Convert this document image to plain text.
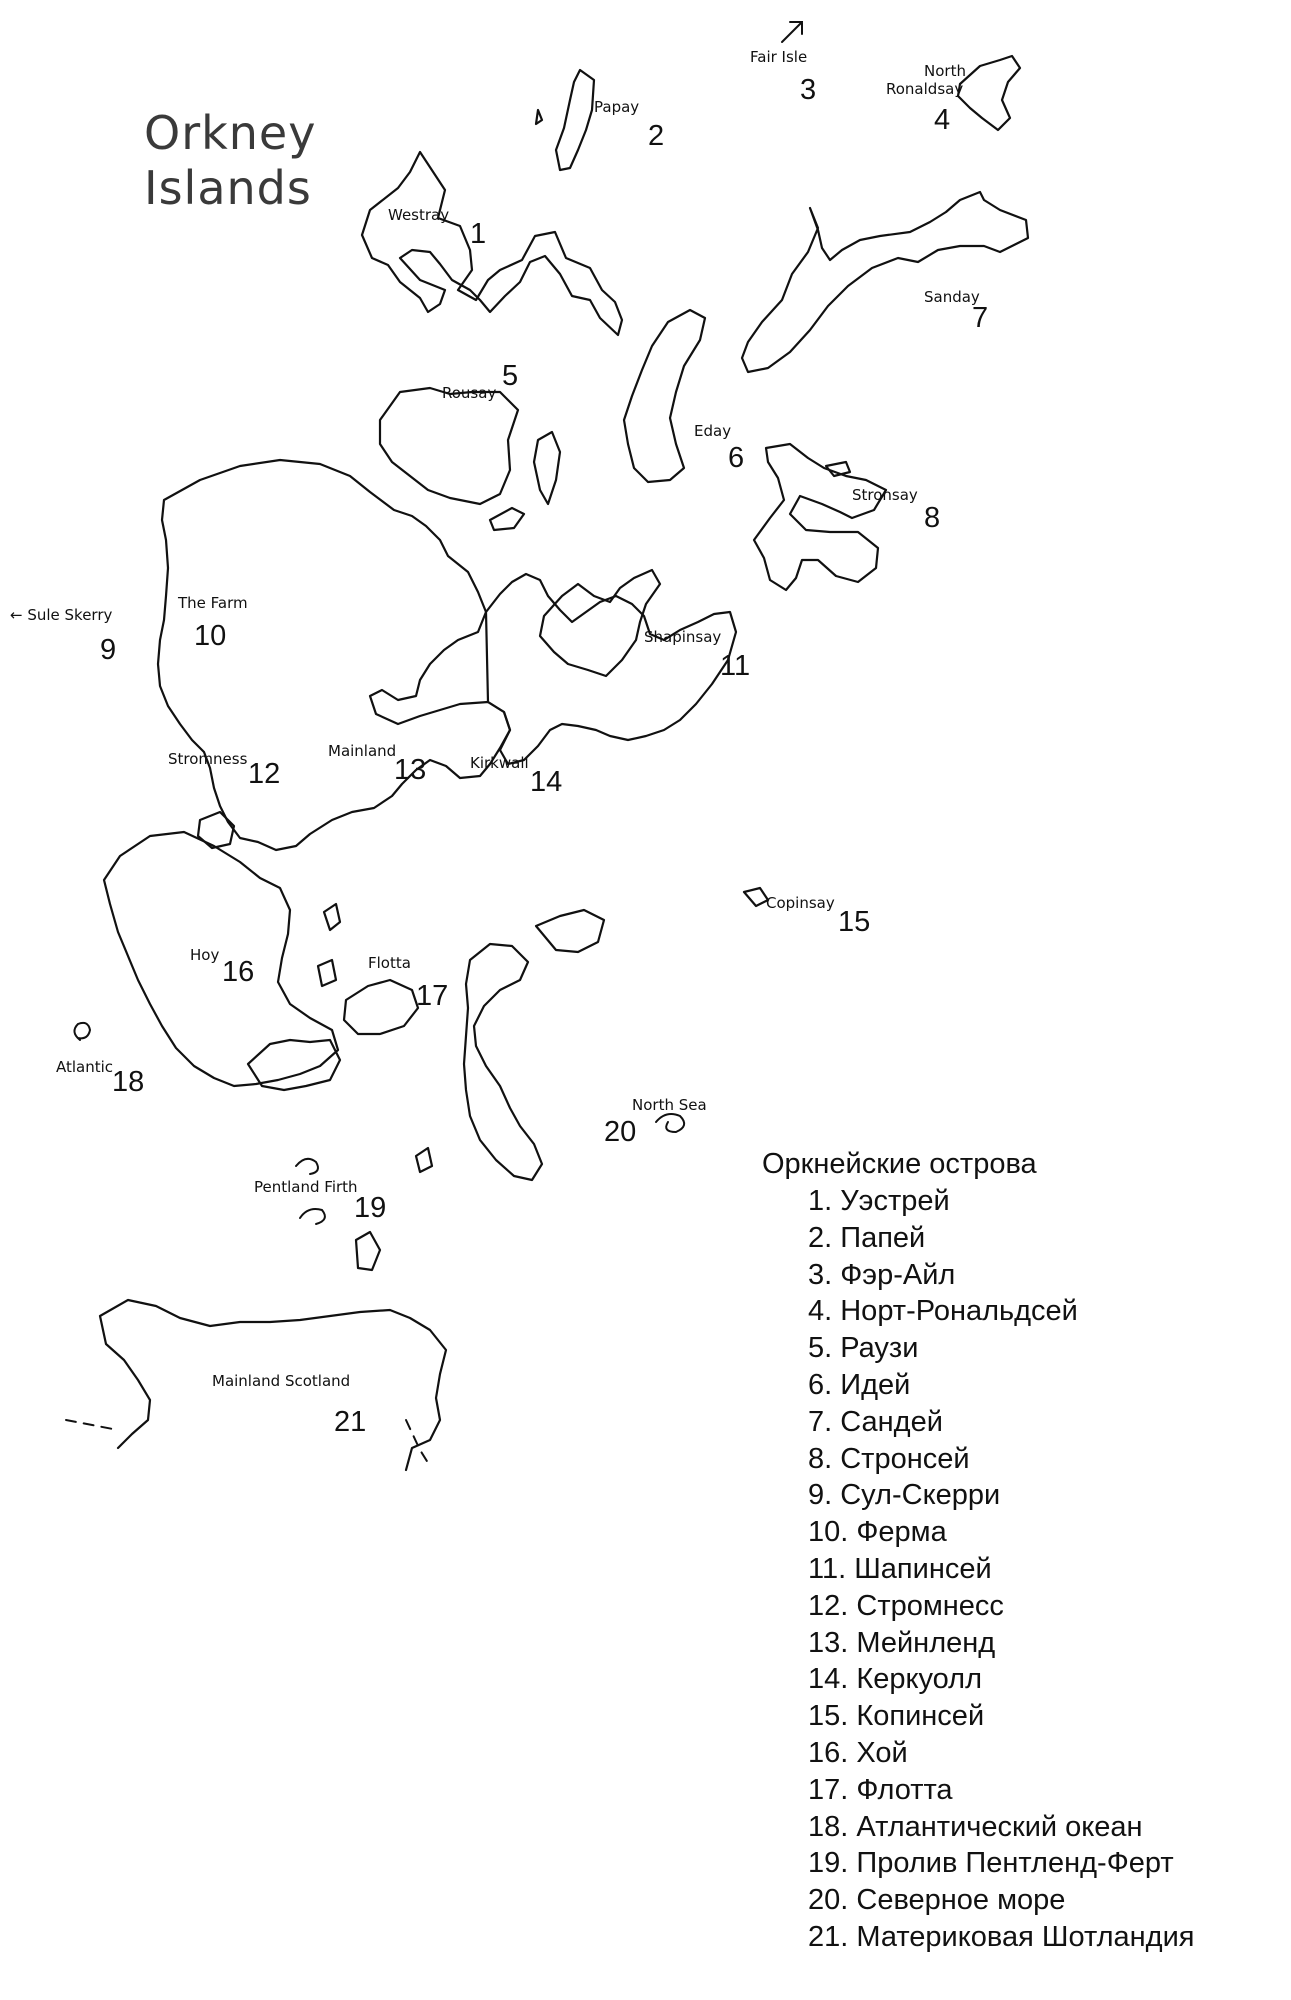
Orkney
Islands	Westray
Papay
Fair Isle
North
Ronaldsay
Sanday
Rousay
Eday
Stronsay
← Sule Skerry
The Farm
Shapinsay
Stromness	Mainland
Kirkwall
Copinsay
Hoy	Flotta
Atlantic
North Sea
Pentland Firth
Mainland Scotland
1
2
3
4
5
6
7
8
9	10
11
12	13	14
15
16
17
18
19
20
21

Оркнейские острова

1. Уэстрей
2. Папей
3. Фэр-Айл
4. Норт-Рональдсей
5. Раузи
6. Идей
7. Сандей
8. Стронсей
9. Сул-Скерри
10. Ферма
11. Шапинсей
12. Стромнесс
13. Мейнленд
14. Керкуолл
15. Копинсей
16. Хой
17. Флотта
18. Атлантический океан
19. Пролив Пентленд-Ферт
20. Северное море
21. Материковая Шотландия
